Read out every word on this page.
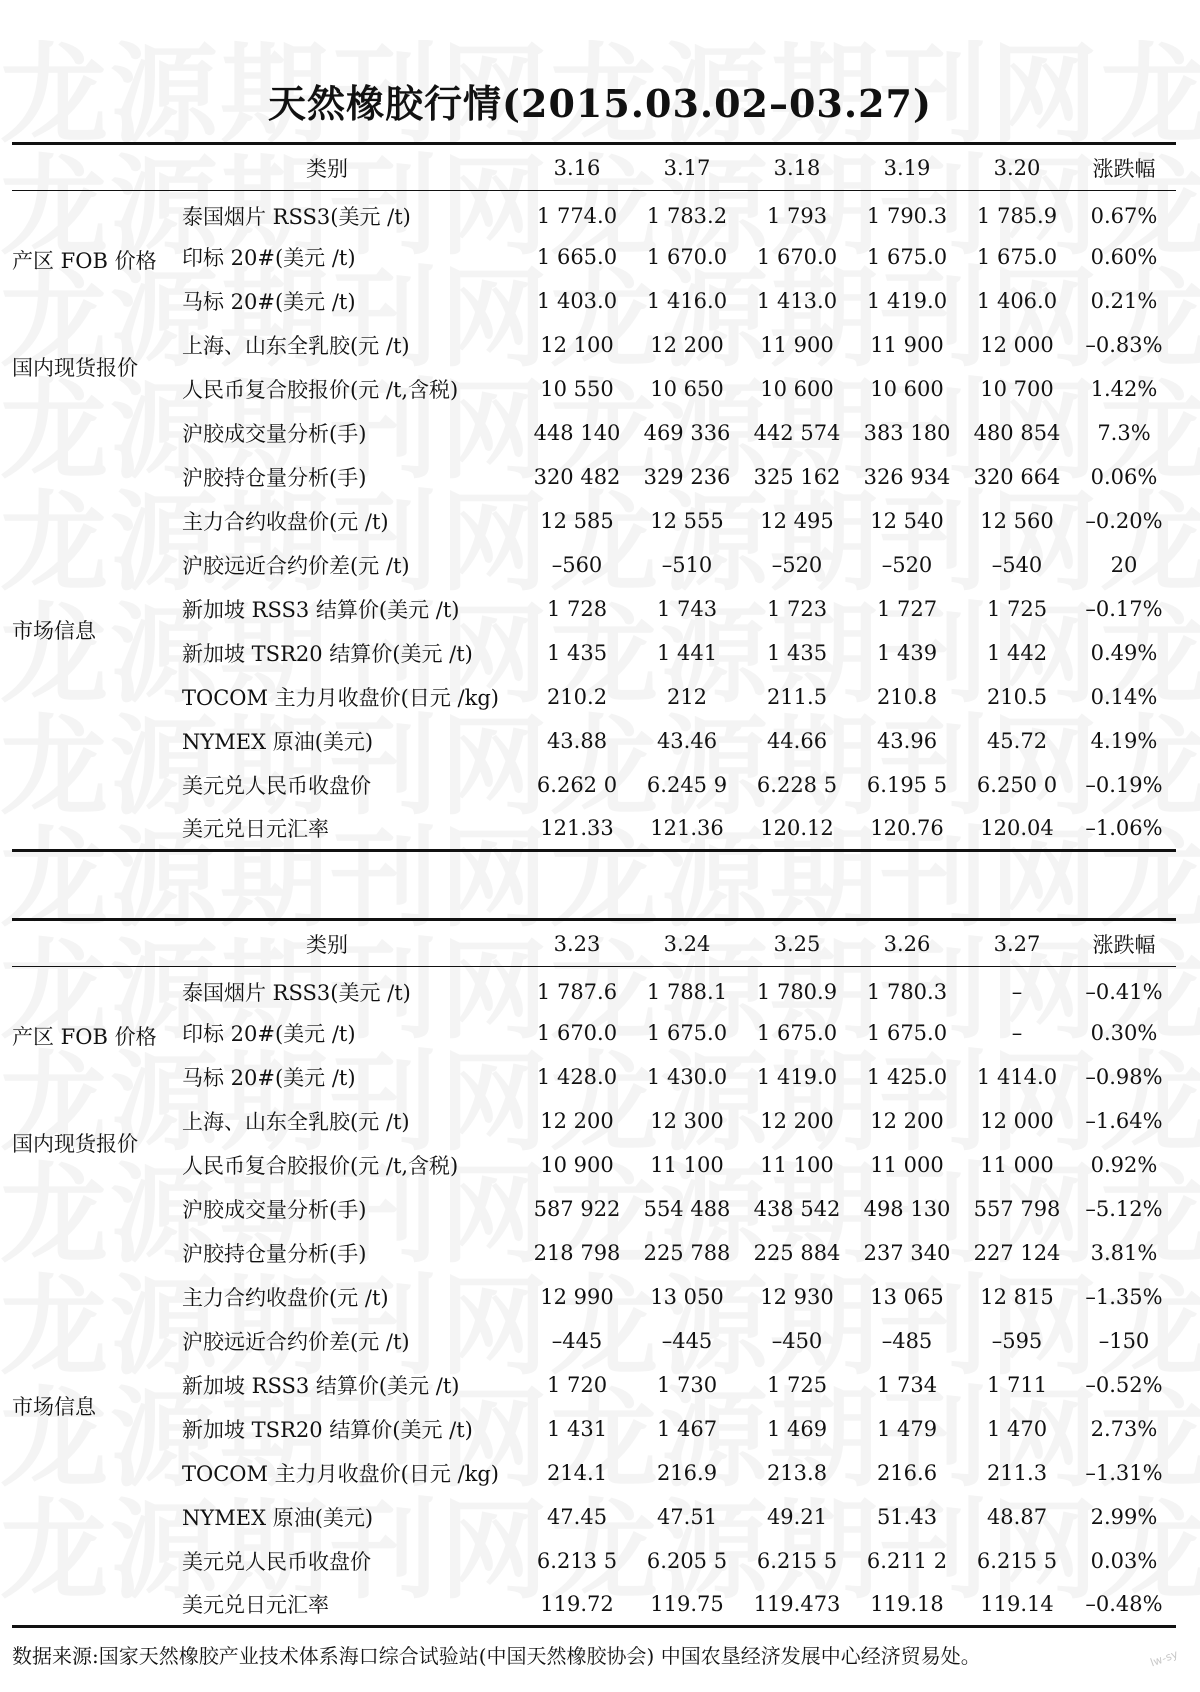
天然橡胶行情(2015.03.02–03.27)
类别		3.16	3.17	3.18	3.19	3.20	涨跌幅
产区 FOB 价格	泰国烟片 RSS3(美元 /t)	1 774.0	1 783.2	1 793	1 790.3	1 785.9	0.67%
	印标 20#(美元 /t)	1 665.0	1 670.0	1 670.0	1 675.0	1 675.0	0.60%
	马标 20#(美元 /t)	1 403.0	1 416.0	1 413.0	1 419.0	1 406.0	0.21%
国内现货报价	上海、山东全乳胶(元 /t)	12 100	12 200	11 900	11 900	12 000	–0.83%
	人民币复合胶报价(元 /t,含税)	10 550	10 650	10 600	10 600	10 700	1.42%
市场信息	沪胶成交量分析(手)	448 140	469 336	442 574	383 180	480 854	7.3%
	沪胶持仓量分析(手)	320 482	329 236	325 162	326 934	320 664	0.06%
	主力合约收盘价(元 /t)	12 585	12 555	12 495	12 540	12 560	–0.20%
	沪胶远近合约价差(元 /t)	–560	–510	–520	–520	–540	20
	新加坡 RSS3 结算价(美元 /t)	1 728	1 743	1 723	1 727	1 725	–0.17%
	新加坡 TSR20 结算价(美元 /t)	1 435	1 441	1 435	1 439	1 442	0.49%
	TOCOM 主力月收盘价(日元 /kg)	210.2	212	211.5	210.8	210.5	0.14%
	NYMEX 原油(美元)	43.88	43.46	44.66	43.96	45.72	4.19%
	美元兑人民币收盘价	6.262 0	6.245 9	6.228 5	6.195 5	6.250 0	–0.19%
	美元兑日元汇率	121.33	121.36	120.12	120.76	120.04	–1.06%
类别		3.23	3.24	3.25	3.26	3.27	涨跌幅
产区 FOB 价格	泰国烟片 RSS3(美元 /t)	1 787.6	1 788.1	1 780.9	1 780.3	–	–0.41%
	印标 20#(美元 /t)	1 670.0	1 675.0	1 675.0	1 675.0	–	0.30%
	马标 20#(美元 /t)	1 428.0	1 430.0	1 419.0	1 425.0	1 414.0	–0.98%
国内现货报价	上海、山东全乳胶(元 /t)	12 200	12 300	12 200	12 200	12 000	–1.64%
	人民币复合胶报价(元 /t,含税)	10 900	11 100	11 100	11 000	11 000	0.92%
市场信息	沪胶成交量分析(手)	587 922	554 488	438 542	498 130	557 798	–5.12%
	沪胶持仓量分析(手)	218 798	225 788	225 884	237 340	227 124	3.81%
	主力合约收盘价(元 /t)	12 990	13 050	12 930	13 065	12 815	–1.35%
	沪胶远近合约价差(元 /t)	–445	–445	–450	–485	–595	–150
	新加坡 RSS3 结算价(美元 /t)	1 720	1 730	1 725	1 734	1 711	–0.52%
	新加坡 TSR20 结算价(美元 /t)	1 431	1 467	1 469	1 479	1 470	2.73%
	TOCOM 主力月收盘价(日元 /kg)	214.1	216.9	213.8	216.6	211.3	–1.31%
	NYMEX 原油(美元)	47.45	47.51	49.21	51.43	48.87	2.99%
	美元兑人民币收盘价	6.213 5	6.205 5	6.215 5	6.211 2	6.215 5	0.03%
	美元兑日元汇率	119.72	119.75	119.473	119.18	119.14	–0.48%
数据来源:国家天然橡胶产业技术体系海口综合试验站(中国天然橡胶协会) 中国农垦经济发展中心经济贸易处。	lw-sy
